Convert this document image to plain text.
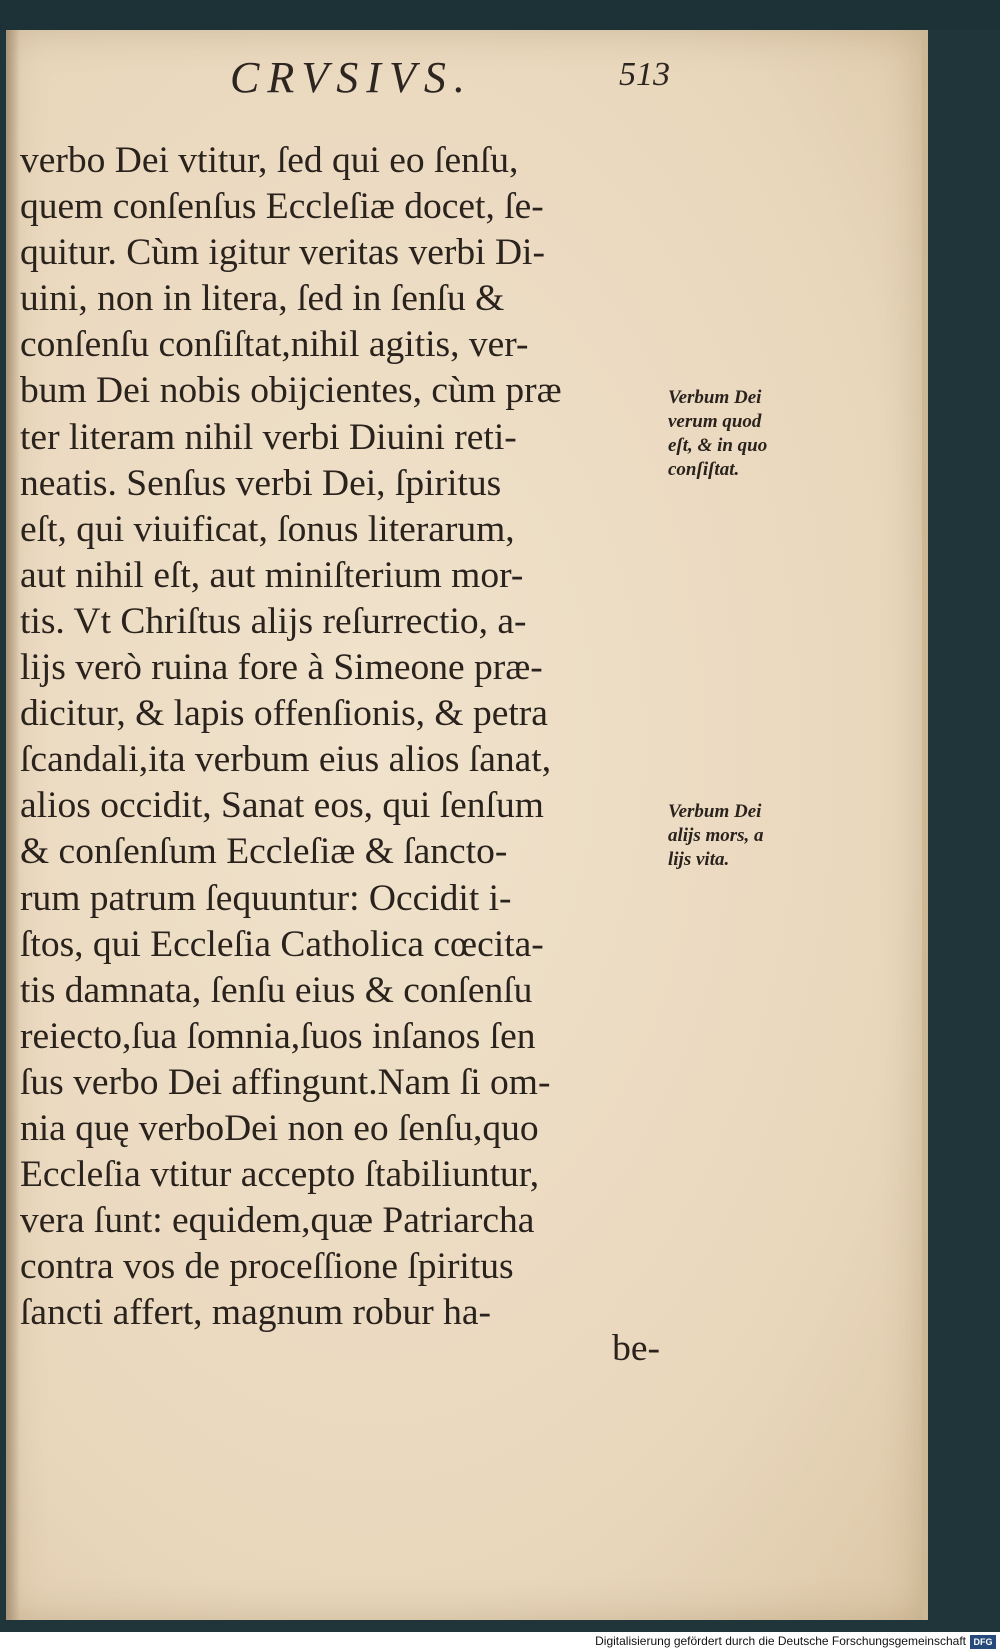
CRVSIVS.	513
verbo Dei vtitur, ſed qui eo ſenſu,
quem conſenſus Eccleſiæ docet, ſe-
quitur. Cùm igitur veritas verbi Di-
uini, non in litera, ſed in ſenſu &
conſenſu conſiſtat,nihil agitis, ver-
bum Dei nobis obijcientes, cùm præ
ter literam nihil verbi Diuini reti-
neatis. Senſus verbi Dei, ſpiritus
eſt, qui viuificat, ſonus literarum,
aut nihil eſt, aut miniſterium mor-
tis. Vt Chriſtus alijs reſurrectio, a-
lijs verò ruina fore à Simeone præ-
dicitur, & lapis offenſionis, & petra
ſcandali,ita verbum eius alios ſanat,
alios occidit, Sanat eos, qui ſenſum
& conſenſum Eccleſiæ & ſancto-
rum patrum ſequuntur: Occidit i-
ſtos, qui Eccleſia Catholica cœcita-
tis damnata, ſenſu eius & conſenſu
reiecto,ſua ſomnia,ſuos inſanos ſen
ſus verbo Dei affingunt.Nam ſi om-
nia quę verboDei non eo ſenſu,quo
Eccleſia vtitur accepto ſtabiliuntur,
vera ſunt: equidem,quæ Patriarcha
contra vos de proceſſione ſpiritus
ſancti affert, magnum robur ha-
be-
Verbum Dei
verum quod
eſt, & in quo
conſiſtat.
Verbum Dei
alijs mors, a
lijs vita.
Digitalisierung gefördert durch die Deutsche Forschungsgemeinschaft DFG
